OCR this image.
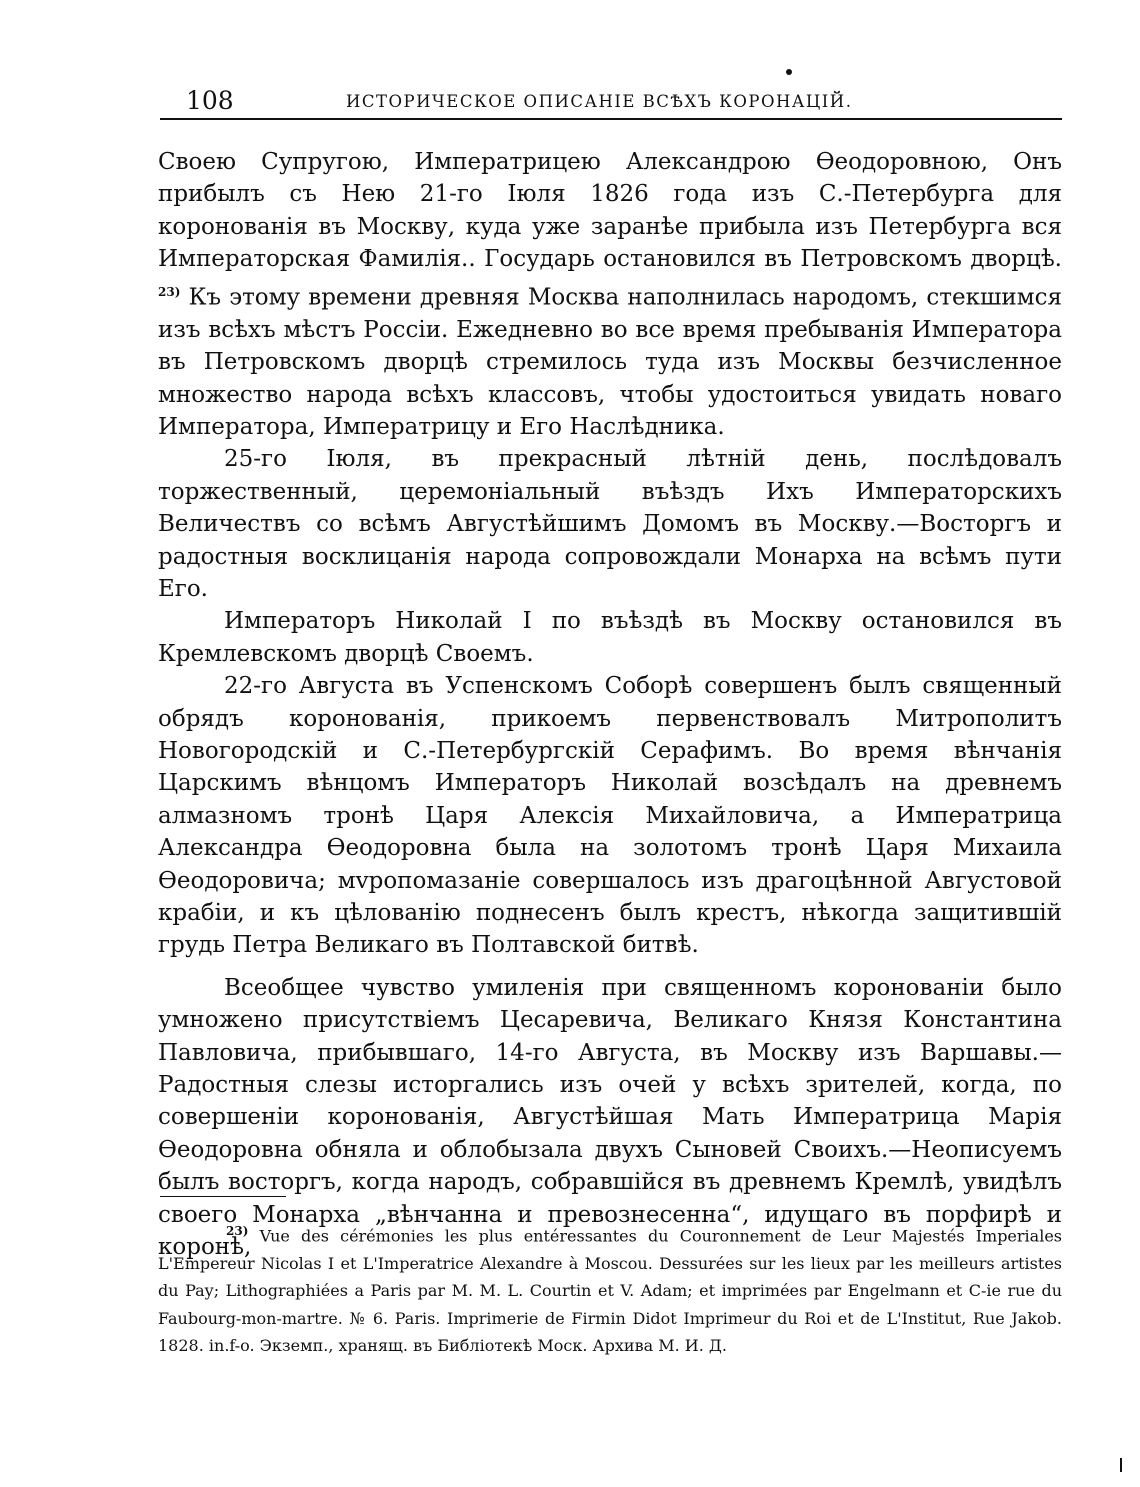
108	ИСТОРИЧЕСКОЕ ОПИСАНІЕ ВСѢХЪ КОРОНАЦІЙ.

Своею Супругою, Императрицею Александрою Өеодоровною, Онъ прибылъ съ Нею 21-го Іюля 1826 года изъ С.-Петербурга для коронованія въ Москву, куда уже заранѣе прибыла изъ Петербурга вся Императорская Фамилія.. Государь остановился въ Петровскомъ дворцѣ. $^{23)}$ Къ этому времени древняя Москва наполнилась народомъ, стекшимся изъ всѣхъ мѣстъ Россіи. Ежедневно во все время пребыванія Императора въ Петровскомъ дворцѣ стремилось туда изъ Москвы безчисленное множество народа всѣхъ классовъ, чтобы удостоиться увидать новаго Императора, Императрицу и Его Наслѣдника.

25-го Іюля, въ прекрасный лѣтній день, послѣдовалъ торжественный, церемоніальный въѣздъ Ихъ Императорскихъ Величествъ со всѣмъ Августѣйшимъ Домомъ въ Москву.—Восторгъ и радостныя восклицанія народа сопровождали Монарха на всѣмъ пути Его.

Императоръ Николай I по въѣздѣ въ Москву остановился въ Кремлевскомъ дворцѣ Своемъ.

22-го Августа въ Успенскомъ Соборѣ совершенъ былъ священный обрядъ коронованія, прикоемъ первенствовалъ Митрополитъ Новогородскій и С.-Петербургскій Серафимъ. Во время вѣнчанія Царскимъ вѣнцомъ Императоръ Николай возсѣдалъ на древнемъ алмазномъ тронѣ Царя Алексія Михайловича, а Императрица Александра Өеодоровна была на золотомъ тронѣ Царя Михаила Өеодоровича; мvропомазаніе совершалось изъ драгоцѣнной Августовой крабіи, и къ цѣлованію поднесенъ былъ крестъ, нѣкогда защитившій грудь Петра Великаго въ Полтавской битвѣ.

Всеобщее чувство умиленія при священномъ коронованіи было умножено присутствіемъ Цесаревича, Великаго Князя Константина Павловича, прибывшаго, 14-го Августа, въ Москву изъ Варшавы.—Радостныя слезы исторгались изъ очей у всѣхъ зрителей, когда, по совершеніи коронованія, Августѣйшая Мать Императрица Марія Өеодоровна обняла и облобызала двухъ Сыновей Своихъ.—Неописуемъ былъ восторгъ, когда народъ, собравшійся въ древнемъ Кремлѣ, увидѣлъ своего Монарха „вѣнчанна и превознесенна“, идущаго въ порфирѣ и коронѣ,

$^{23)}$ Vue des cérémonies les plus entéressantes du Couronnement de Leur Majestés Imperiales L'Empereur Nicolas I et L'Imperatrice Alexandre à Moscou. Dessurées sur les lieux par les meilleurs artistes du Pay; Lithographiées a Paris par M. M. L. Courtin et V. Adam; et imprimées par Engelmann et C-ie rue du Faubourg-mon-martre. № 6. Paris. Imprimerie de Firmin Didot Imprimeur du Roi et de L'Institut, Rue Jakob. 1828. in.f-o. Экземп., хранящ. въ Библіотекѣ Моск. Архива М. И. Д.
